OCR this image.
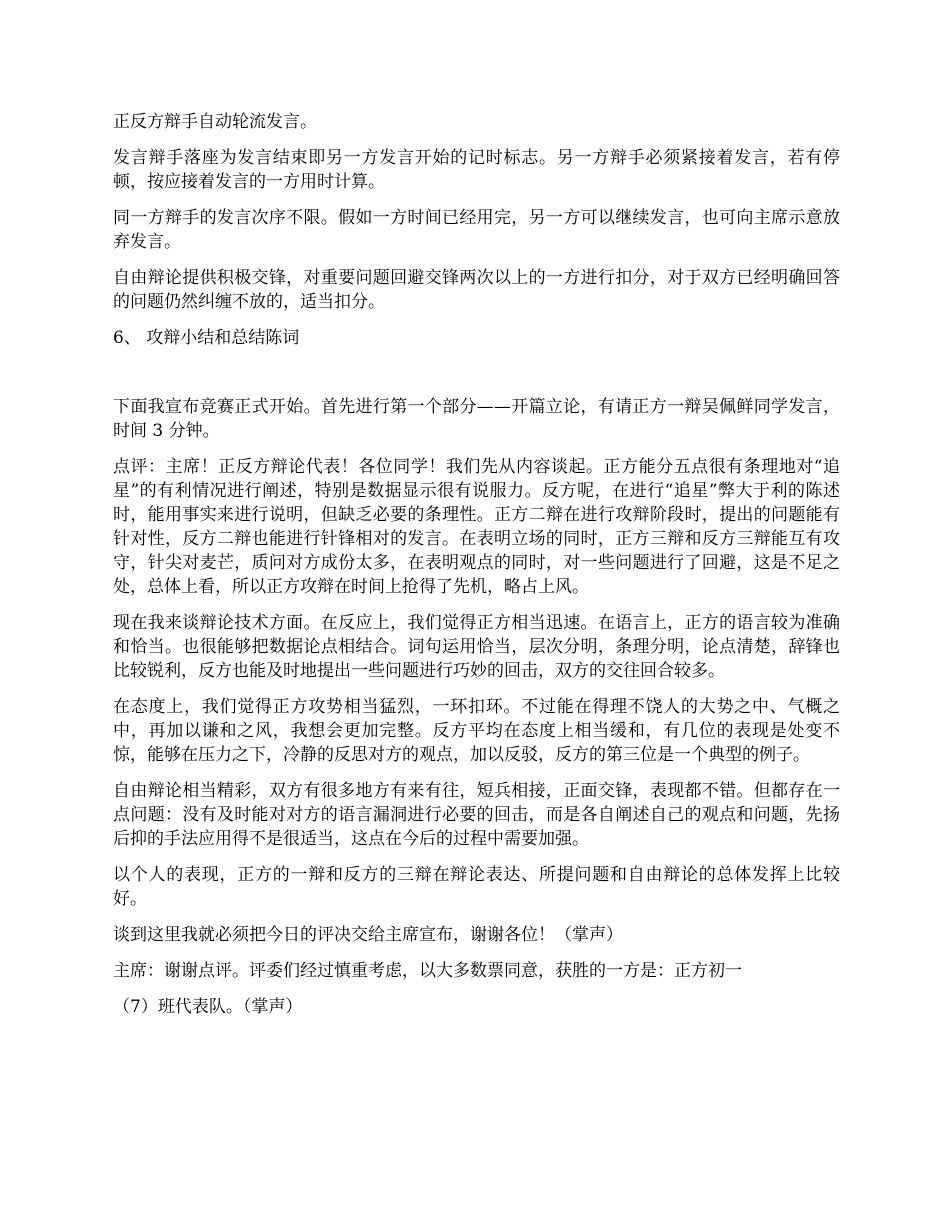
正反方辩手自动轮流发言。

发言辩手落座为发言结束即另一方发言开始的记时标志。另一方辩手必须紧接着发言，若有停顿，按应接着发言的一方用时计算。

同一方辩手的发言次序不限。假如一方时间已经用完，另一方可以继续发言，也可向主席示意放弃发言。

自由辩论提供积极交锋，对重要问题回避交锋两次以上的一方进行扣分，对于双方已经明确回答的问题仍然纠缠不放的，适当扣分。

6、 攻辩小结和总结陈词

下面我宣布竞赛正式开始。首先进行第一个部分——开篇立论，有请正方一辩吴佩鲜同学发言，时间 3 分钟。

点评：主席！正反方辩论代表！各位同学！我们先从内容谈起。正方能分五点很有条理地对“追星”的有利情况进行阐述，特别是数据显示很有说服力。反方呢，在进行“追星”弊大于利的陈述时，能用事实来进行说明，但缺乏必要的条理性。正方二辩在进行攻辩阶段时，提出的问题能有针对性，反方二辩也能进行针锋相对的发言。在表明立场的同时，正方三辩和反方三辩能互有攻守，针尖对麦芒，质问对方成份太多，在表明观点的同时，对一些问题进行了回避，这是不足之处，总体上看，所以正方攻辩在时间上抢得了先机，略占上风。

现在我来谈辩论技术方面。在反应上，我们觉得正方相当迅速。在语言上，正方的语言较为准确和恰当。也很能够把数据论点相结合。词句运用恰当，层次分明，条理分明，论点清楚，辞锋也比较锐利，反方也能及时地提出一些问题进行巧妙的回击，双方的交往回合较多。

在态度上，我们觉得正方攻势相当猛烈，一环扣环。不过能在得理不饶人的大势之中、气概之中，再加以谦和之风，我想会更加完整。反方平均在态度上相当缓和，有几位的表现是处变不惊，能够在压力之下，冷静的反思对方的观点，加以反驳，反方的第三位是一个典型的例子。

自由辩论相当精彩，双方有很多地方有来有往，短兵相接，正面交锋，表现都不错。但都存在一点问题：没有及时能对对方的语言漏洞进行必要的回击，而是各自阐述自己的观点和问题，先扬后抑的手法应用得不是很适当，这点在今后的过程中需要加强。

以个人的表现，正方的一辩和反方的三辩在辩论表达、所提问题和自由辩论的总体发挥上比较好。

谈到这里我就必须把今日的评决交给主席宣布，谢谢各位！（掌声）

主席：谢谢点评。评委们经过慎重考虑，以大多数票同意，获胜的一方是：正方初一

（7）班代表队。（掌声）
